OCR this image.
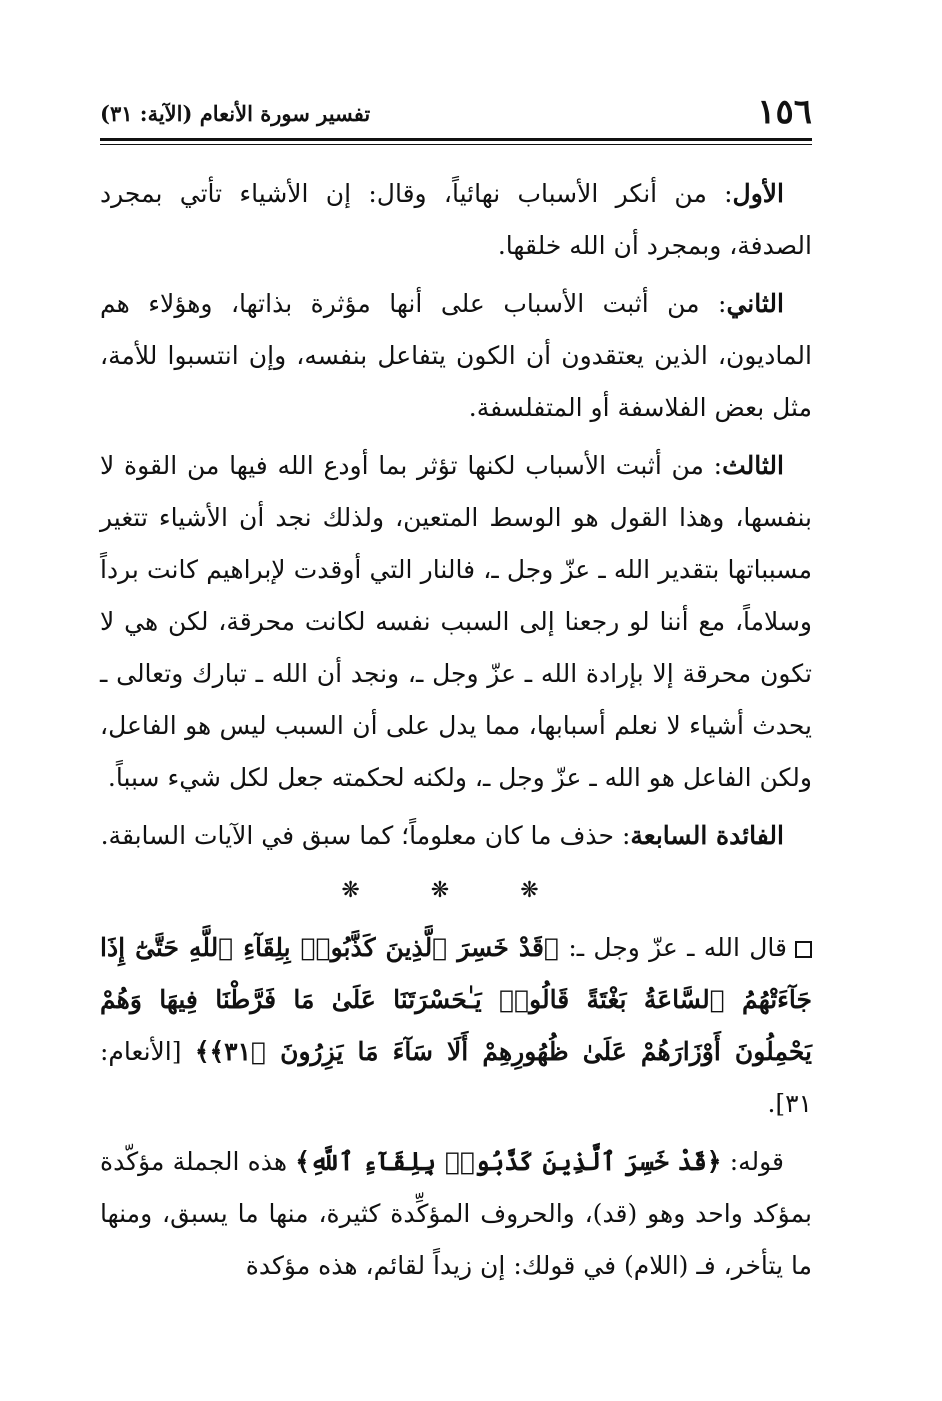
١٥٦
تفسير سورة الأنعام (الآية: ٣١)

الأول: من أنكر الأسباب نهائياً، وقال: إن الأشياء تأتي بمجرد الصدفة، وبمجرد أن الله خلقها.

الثاني: من أثبت الأسباب على أنها مؤثرة بذاتها، وهؤلاء هم الماديون، الذين يعتقدون أن الكون يتفاعل بنفسه، وإن انتسبوا للأمة، مثل بعض الفلاسفة أو المتفلسفة.

الثالث: من أثبت الأسباب لكنها تؤثر بما أودع الله فيها من القوة لا بنفسها، وهذا القول هو الوسط المتعين، ولذلك نجد أن الأشياء تتغير مسبباتها بتقدير الله ـ عزّ وجل ـ، فالنار التي أوقدت لإبراهيم كانت برداً وسلاماً، مع أننا لو رجعنا إلى السبب نفسه لكانت محرقة، لكن هي لا تكون محرقة إلا بإرادة الله ـ عزّ وجل ـ، ونجد أن الله ـ تبارك وتعالى ـ يحدث أشياء لا نعلم أسبابها، مما يدل على أن السبب ليس هو الفاعل، ولكن الفاعل هو الله ـ عزّ وجل ـ، ولكنه لحكمته جعل لكل شيء سبباً.

الفائدة السابعة: حذف ما كان معلوماً؛ كما سبق في الآيات السابقة.

❋ ❋ ❋

قال الله ـ عزّ وجل ـ: ﴿قَدْ خَسِرَ ٱلَّذِينَ كَذَّبُوا۟ بِلِقَآءِ ٱللَّهِ حَتَّىٰٓ إِذَا جَآءَتْهُمُ ٱلسَّاعَةُ بَغْتَةً قَالُوا۟ يَـٰحَسْرَتَنَا عَلَىٰ مَا فَرَّطْنَا فِيهَا وَهُمْ يَحْمِلُونَ أَوْزَارَهُمْ عَلَىٰ ظُهُورِهِمْ أَلَا سَآءَ مَا يَزِرُونَ ﴿٣١﴾﴾ [الأنعام: ٣١].

قوله: ﴿قَدْ خَسِرَ ٱلَّذِينَ كَذَّبُوا۟ بِلِقَآءِ ٱللَّهِ﴾ هذه الجملة مؤكّدة بمؤكد واحد وهو (قد)، والحروف المؤكِّدة كثيرة، منها ما يسبق، ومنها ما يتأخر، فـ (اللام) في قولك: إن زيداً لقائم، هذه مؤكدة
